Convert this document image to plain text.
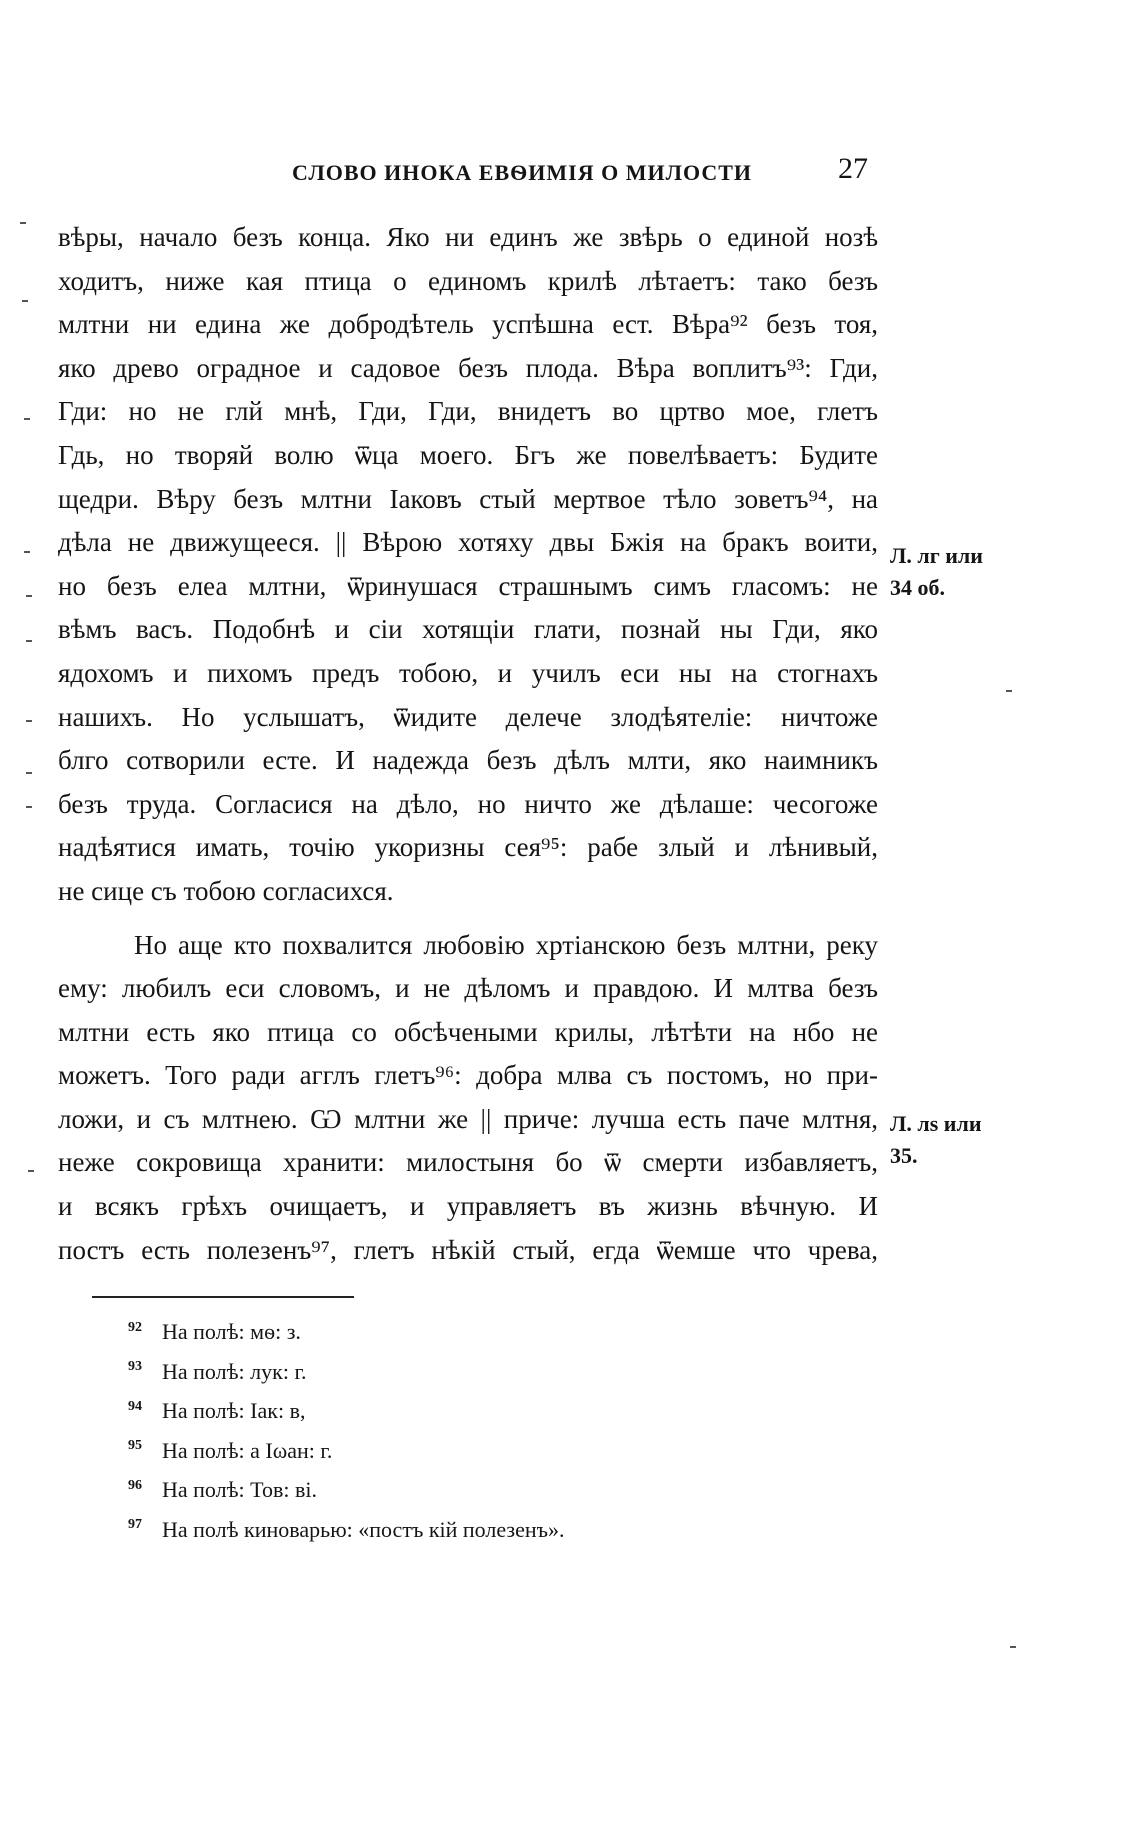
СЛОВО ИНОКА ЕВѲИМІЯ О МИЛОСТИ	27
вѣры, начало безъ конца. Яко ни единъ же звѣрь о единой нозѣ
ходитъ, ниже кая птица о единомъ крилѣ лѣтаетъ: тако безъ
млтни ни едина же добродѣтель успѣшна ест. Вѣра⁹² безъ тоя,
яко древо оградное и садовое безъ плода. Вѣра воплитъ⁹³: Гди,
Гди: но не глй мнѣ, Гди, Гди, внидетъ во цртво мое, глетъ
Гдь, но творяй волю ѿца моего. Бгъ же повелѣваетъ: Будите
щедри. Вѣру безъ млтни Іаковъ стый мертвое тѣло зоветъ⁹⁴, на
дѣла не движущееся. || Вѣрою хотяху двы Бжія на бракъ воити,
но безъ елеа млтни, ѿринушася страшнымъ симъ гласомъ: не
вѣмъ васъ. Подобнѣ и сіи хотящіи глати, познай ны Гди, яко
ядохомъ и пихомъ предъ тобою, и училъ еси ны на стогнахъ
нашихъ. Но услышатъ, ѿидите делече злодѣятеліе: ничтоже
блго сотворили есте. И надежда безъ дѣлъ млти, яко наимникъ
безъ труда. Согласися на дѣло, но ничто же дѣлаше: чесогоже
надѣятися имать, точію укоризны сея⁹⁵: рабе злый и лѣнивый,
не сице съ тобою согласихся.
Но аще кто похвалится любовію хртіанскою безъ млтни, реку
ему: любилъ еси словомъ, и не дѣломъ и правдою. И млтва безъ
млтни есть яко птица со обсѣчеными крилы, лѣтѣти на нбо не
можетъ. Того ради агглъ глетъ⁹⁶: добра млва съ постомъ, но при-
ложи, и съ млтнею. Ѡ млтни же || приче: лучша есть паче млтня,
неже сокровища хранити: милостыня бо ѿ смерти избавляетъ,
и всякъ грѣхъ очищаетъ, и управляетъ въ жизнь вѣчную. И
постъ есть полезенъ⁹⁷, глетъ нѣкій стый, егда ѿемше что чрева,
Л. лг или
34 об.
Л. лѕ или
35.
92 На полѣ: мѳ: з.
93 На полѣ: лук: г.
94 На полѣ: Іак: в,
95 На полѣ: а Іωан: г.
96 На полѣ: Тов: ві.
97 На полѣ киноварью: «постъ кій полезенъ».
